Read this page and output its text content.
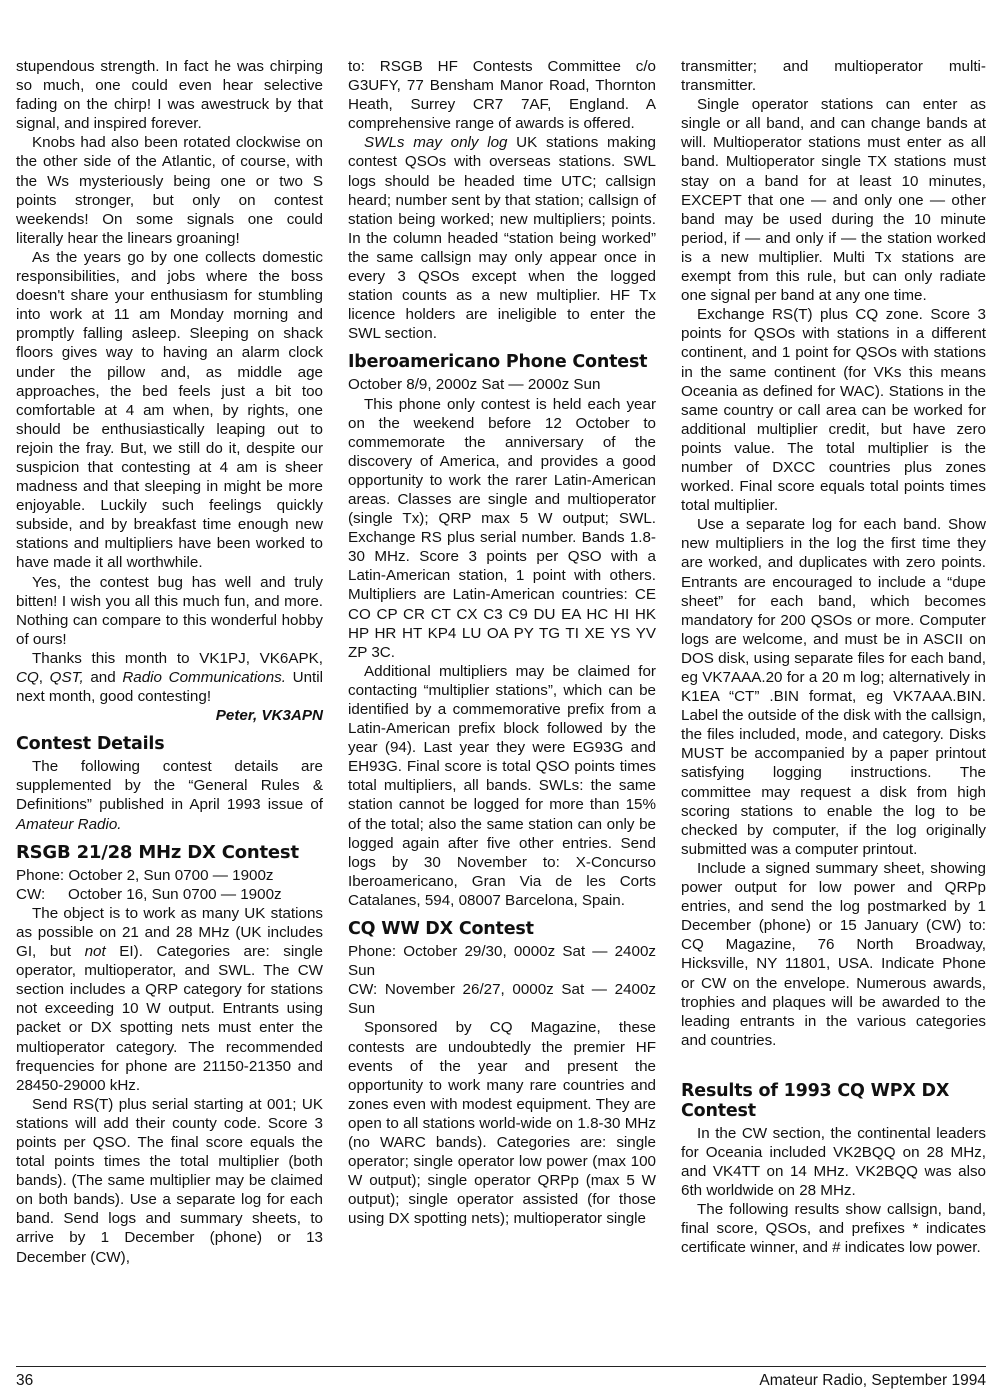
stupendous strength. In fact he was chirping so much, one could even hear selective fading on the chirp! I was awestruck by that signal, and inspired forever.

Knobs had also been rotated clockwise on the other side of the Atlantic, of course, with the Ws mysteriously being one or two S points stronger, but only on contest weekends! On some signals one could literally hear the linears groaning!

As the years go by one collects domestic responsibilities, and jobs where the boss doesn't share your enthusiasm for stumbling into work at 11 am Monday morning and promptly falling asleep. Sleeping on shack floors gives way to having an alarm clock under the pillow and, as middle age approaches, the bed feels just a bit too comfortable at 4 am when, by rights, one should be enthusiastically leaping out to rejoin the fray. But, we still do it, despite our suspicion that contesting at 4 am is sheer madness and that sleeping in might be more enjoyable. Luckily such feelings quickly subside, and by breakfast time enough new stations and multipliers have been worked to have made it all worthwhile.

Yes, the contest bug has well and truly bitten! I wish you all this much fun, and more. Nothing can compare to this wonderful hobby of ours!

Thanks this month to VK1PJ, VK6APK, CQ, QST, and Radio Communications. Until next month, good contesting!

Peter, VK3APN

Contest Details

The following contest details are supplemented by the “General Rules & Definitions” published in April 1993 issue of Amateur Radio.

RSGB 21/28 MHz DX Contest

Phone: October 2, Sun 0700 — 1900z

CW: October 16, Sun 0700 — 1900z

The object is to work as many UK stations as possible on 21 and 28 MHz (UK includes GI, but not EI). Categories are: single operator, multioperator, and SWL. The CW section includes a QRP category for stations not exceeding 10 W output. Entrants using packet or DX spotting nets must enter the multioperator category. The recommended frequencies for phone are 21150-21350 and 28450-29000 kHz.

Send RS(T) plus serial starting at 001; UK stations will add their county code. Score 3 points per QSO. The final score equals the total points times the total multiplier (both bands). (The same multiplier may be claimed on both bands). Use a separate log for each band. Send logs and summary sheets, to arrive by 1 December (phone) or 13 December (CW),

to: RSGB HF Contests Committee c/o G3UFY, 77 Bensham Manor Road, Thornton Heath, Surrey CR7 7AF, England. A comprehensive range of awards is offered.

SWLs may only log UK stations making contest QSOs with overseas stations. SWL logs should be headed time UTC; callsign heard; number sent by that station; callsign of station being worked; new multipliers; points. In the column headed “station being worked” the same callsign may only appear once in every 3 QSOs except when the logged station counts as a new multiplier. HF Tx licence holders are ineligible to enter the SWL section.

Iberoamericano Phone Contest

October 8/9, 2000z Sat — 2000z Sun

This phone only contest is held each year on the weekend before 12 October to commemorate the anniversary of the discovery of America, and provides a good opportunity to work the rarer Latin-American areas. Classes are single and multioperator (single Tx); QRP max 5 W output; SWL. Exchange RS plus serial number. Bands 1.8-30 MHz. Score 3 points per QSO with a Latin-American station, 1 point with others. Multipliers are Latin-American countries: CE CO CP CR CT CX C3 C9 DU EA HC HI HK HP HR HT KP4 LU OA PY TG TI XE YS YV ZP 3C.

Additional multipliers may be claimed for contacting “multiplier stations”, which can be identified by a commemorative prefix from a Latin-American prefix block followed by the year (94). Last year they were EG93G and EH93G. Final score is total QSO points times total multipliers, all bands. SWLs: the same station cannot be logged for more than 15% of the total; also the same station can only be logged again after five other entries. Send logs by 30 November to: X-Concurso Iberoamericano, Gran Via de les Corts Catalanes, 594, 08007 Barcelona, Spain.

CQ WW DX Contest

Phone: October 29/30, 0000z Sat — 2400z Sun

CW: November 26/27, 0000z Sat — 2400z Sun

Sponsored by CQ Magazine, these contests are undoubtedly the premier HF events of the year and present the opportunity to work many rare countries and zones even with modest equipment. They are open to all stations world-wide on 1.8-30 MHz (no WARC bands). Categories are: single operator; single operator low power (max 100 W output); single operator QRPp (max 5 W output); single operator assisted (for those using DX spotting nets); multioperator single

transmitter; and multioperator multi-transmitter.

Single operator stations can enter as single or all band, and can change bands at will. Multioperator stations must enter as all band. Multioperator single TX stations must stay on a band for at least 10 minutes, EXCEPT that one — and only one — other band may be used during the 10 minute period, if — and only if — the station worked is a new multiplier. Multi Tx stations are exempt from this rule, but can only radiate one signal per band at any one time.

Exchange RS(T) plus CQ zone. Score 3 points for QSOs with stations in a different continent, and 1 point for QSOs with stations in the same continent (for VKs this means Oceania as defined for WAC). Stations in the same country or call area can be worked for additional multiplier credit, but have zero points value. The total multiplier is the number of DXCC countries plus zones worked. Final score equals total points times total multiplier.

Use a separate log for each band. Show new multipliers in the log the first time they are worked, and duplicates with zero points. Entrants are encouraged to include a “dupe sheet” for each band, which becomes mandatory for 200 QSOs or more. Computer logs are welcome, and must be in ASCII on DOS disk, using separate files for each band, eg VK7AAA.20 for a 20 m log; alternatively in K1EA “CT” .BIN format, eg VK7AAA.BIN. Label the outside of the disk with the callsign, the files included, mode, and category. Disks MUST be accompanied by a paper printout satisfying logging instructions. The committee may request a disk from high scoring stations to enable the log to be checked by computer, if the log originally submitted was a computer printout.

Include a signed summary sheet, showing power output for low power and QRPp entries, and send the log postmarked by 1 December (phone) or 15 January (CW) to: CQ Magazine, 76 North Broadway, Hicksville, NY 11801, USA. Indicate Phone or CW on the envelope. Numerous awards, trophies and plaques will be awarded to the leading entrants in the various categories and countries.

Results of 1993 CQ WPX DX Contest

In the CW section, the continental leaders for Oceania included VK2BQQ on 28 MHz, and VK4TT on 14 MHz. VK2BQQ was also 6th worldwide on 28 MHz.

The following results show callsign, band, final score, QSOs, and prefixes * indicates certificate winner, and # indicates low power.

36	Amateur Radio, September 1994
